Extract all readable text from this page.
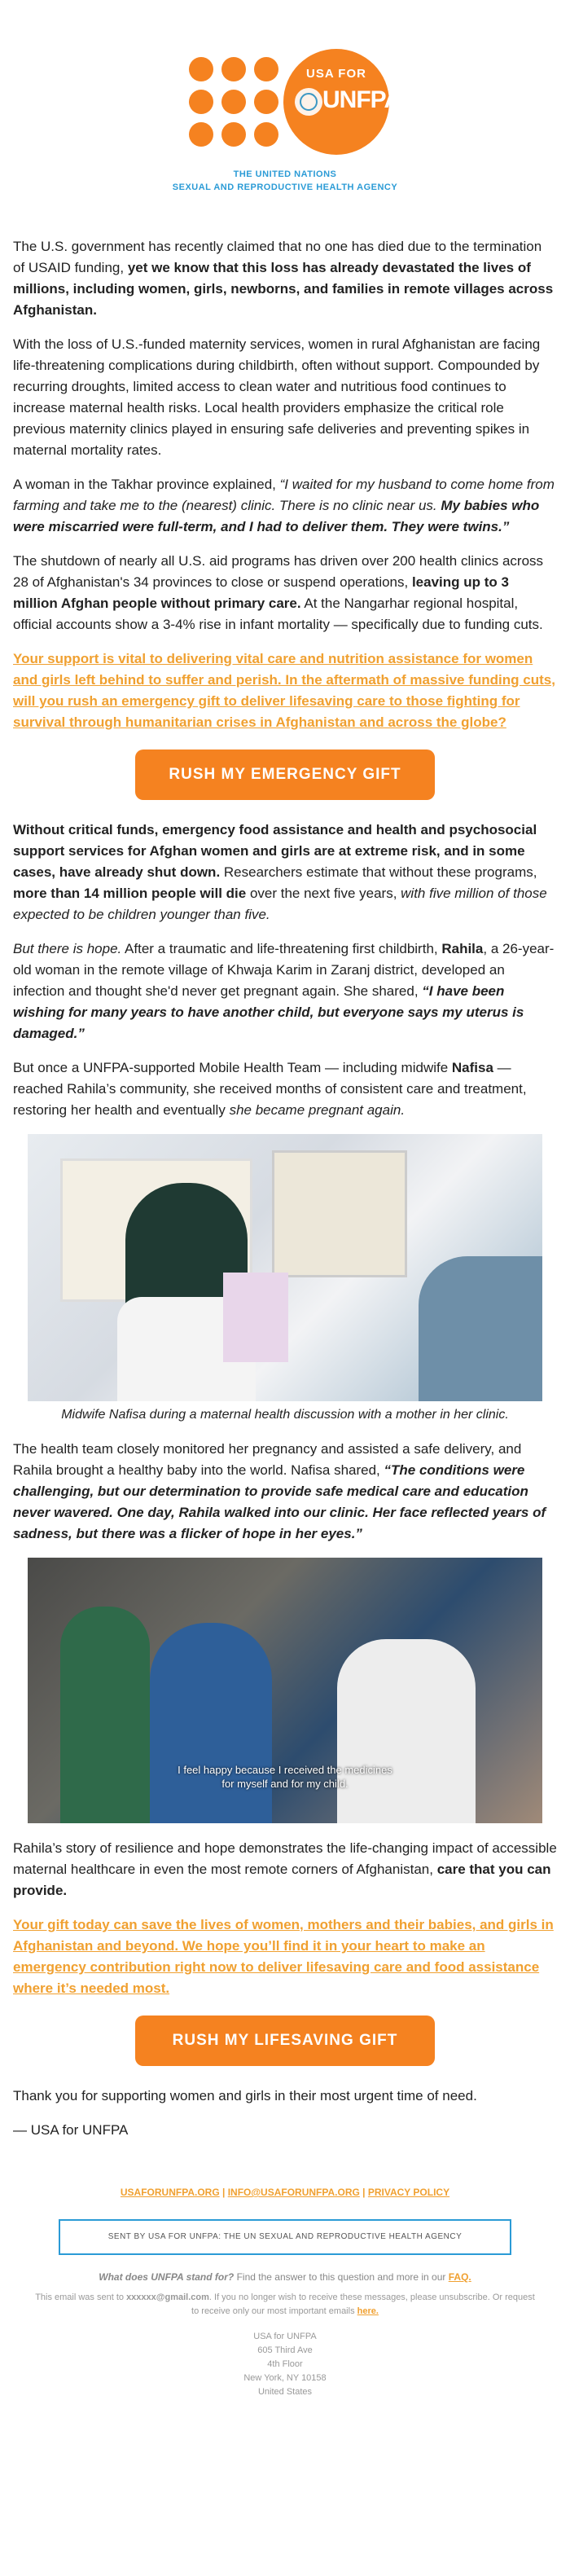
USA FOR
UNFPA
THE UNITED NATIONS
SEXUAL AND REPRODUCTIVE HEALTH AGENCY

The U.S. government has recently claimed that no one has died due to the termination of USAID funding, yet we know that this loss has already devastated the lives of millions, including women, girls, newborns, and families in remote villages across Afghanistan.

With the loss of U.S.-funded maternity services, women in rural Afghanistan are facing life-threatening complications during childbirth, often without support. Compounded by recurring droughts, limited access to clean water and nutritious food continues to increase maternal health risks. Local health providers emphasize the critical role previous maternity clinics played in ensuring safe deliveries and preventing spikes in maternal mortality rates.

A woman in the Takhar province explained, “I waited for my husband to come home from farming and take me to the (nearest) clinic. There is no clinic near us. My babies who were miscarried were full-term, and I had to deliver them. They were twins.”

The shutdown of nearly all U.S. aid programs has driven over 200 health clinics across 28 of Afghanistan's 34 provinces to close or suspend operations, leaving up to 3 million Afghan people without primary care. At the Nangarhar regional hospital, official accounts show a 3-4% rise in infant mortality — specifically due to funding cuts.

Your support is vital to delivering vital care and nutrition assistance for women and girls left behind to suffer and perish. In the aftermath of massive funding cuts, will you rush an emergency gift to deliver lifesaving care to those fighting for survival through humanitarian crises in Afghanistan and across the globe?

RUSH MY EMERGENCY GIFT

Without critical funds, emergency food assistance and health and psychosocial support services for Afghan women and girls are at extreme risk, and in some cases, have already shut down. Researchers estimate that without these programs, more than 14 million people will die over the next five years, with five million of those expected to be children younger than five.

But there is hope. After a traumatic and life-threatening first childbirth, Rahila, a 26-year-old woman in the remote village of Khwaja Karim in Zaranj district, developed an infection and thought she'd never get pregnant again. She shared, “I have been wishing for many years to have another child, but everyone says my uterus is damaged.”

But once a UNFPA-supported Mobile Health Team — including midwife Nafisa — reached Rahila’s community, she received months of consistent care and treatment, restoring her health and eventually she became pregnant again.

Midwife Nafisa during a maternal health discussion with a mother in her clinic.

The health team closely monitored her pregnancy and assisted a safe delivery, and Rahila brought a healthy baby into the world. Nafisa shared, “The conditions were challenging, but our determination to provide safe medical care and education never wavered. One day, Rahila walked into our clinic. Her face reflected years of sadness, but there was a flicker of hope in her eyes.”

I feel happy because I received the medicines
for myself and for my child.

Rahila’s story of resilience and hope demonstrates the life-changing impact of accessible maternal healthcare in even the most remote corners of Afghanistan, care that you can provide.

Your gift today can save the lives of women, mothers and their babies, and girls in Afghanistan and beyond. We hope you’ll find it in your heart to make an emergency contribution right now to deliver lifesaving care and food assistance where it’s needed most.

RUSH MY LIFESAVING GIFT

Thank you for supporting women and girls in their most urgent time of need.

— USA for UNFPA

USAFORUNFPA.ORG | INFO@USAFORUNFPA.ORG | PRIVACY POLICY
SENT BY USA FOR UNFPA: THE UN SEXUAL AND REPRODUCTIVE HEALTH AGENCY
What does UNFPA stand for? Find the answer to this question and more in our FAQ.
This email was sent to xxxxxx@gmail.com. If you no longer wish to receive these messages, please unsubscribe. Or request to receive only our most important emails here.
USA for UNFPA
605 Third Ave
4th Floor
New York, NY 10158
United States
